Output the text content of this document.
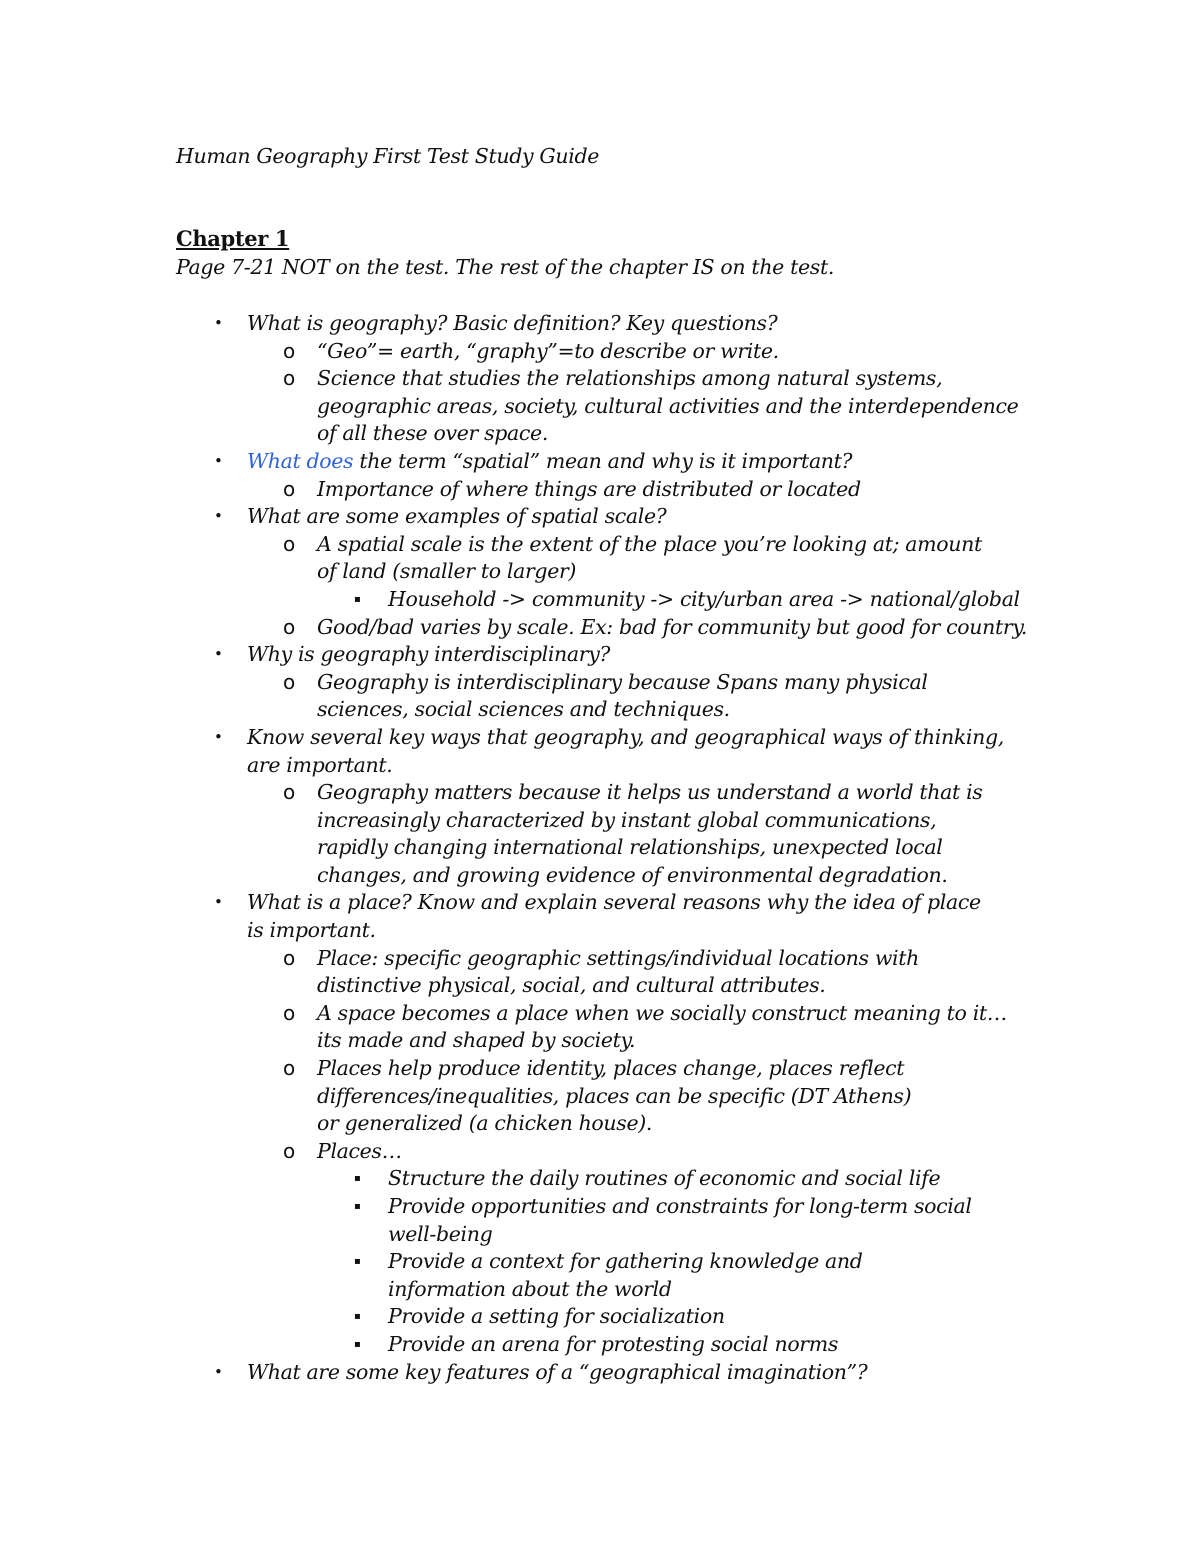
Human Geography First Test Study Guide
Chapter 1

Page 7-21 NOT on the test. The rest of the chapter IS on the test.

• What is geography? Basic definition? Key questions?
o “Geo”= earth, “graphy”=to describe or write.
o Science that studies the relationships among natural systems, geographic areas, society, cultural activities and the interdependence of all these over space.
• What does the term “spatial” mean and why is it important?
o Importance of where things are distributed or located
• What are some examples of spatial scale?
o A spatial scale is the extent of the place you’re looking at; amount of land (smaller to larger)
▪ Household -> community -> city/urban area -> national/global
o Good/bad varies by scale. Ex: bad for community but good for country.
• Why is geography interdisciplinary?
o Geography is interdisciplinary because Spans many physical sciences, social sciences and techniques.
• Know several key ways that geography, and geographical ways of thinking, are important.
o Geography matters because it helps us understand a world that is increasingly characterized by instant global communications, rapidly changing international relationships, unexpected local changes, and growing evidence of environmental degradation.
• What is a place? Know and explain several reasons why the idea of place is important.
o Place: specific geographic settings/individual locations with distinctive physical, social, and cultural attributes.
o A space becomes a place when we socially construct meaning to it…its made and shaped by society.
o Places help produce identity, places change, places reflect differences/inequalities, places can be specific (DT Athens) or generalized (a chicken house).
o Places…
▪ Structure the daily routines of economic and social life
▪ Provide opportunities and constraints for long-term social well-being
▪ Provide a context for gathering knowledge and information about the world
▪ Provide a setting for socialization
▪ Provide an arena for protesting social norms
• What are some key features of a “geographical imagination”?
